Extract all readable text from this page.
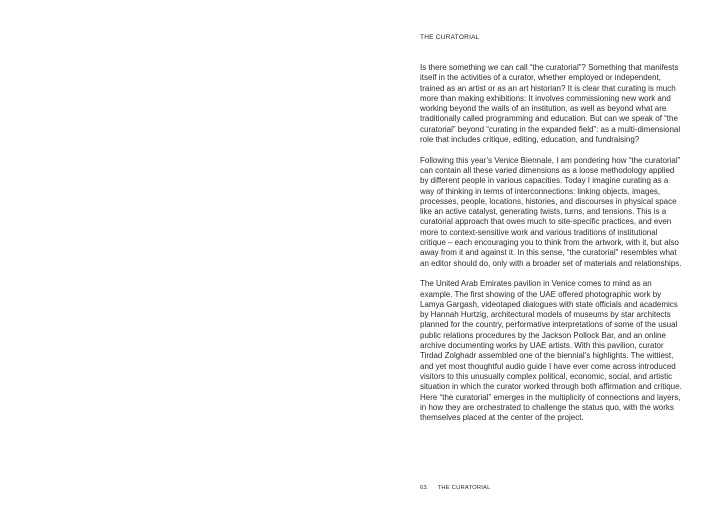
THE CURATORIAL

Is there something we can call “the curatorial”? Something that manifests itself in the activities of a curator, whether employed or independent, trained as an artist or as an art historian? It is clear that curating is much more than making exhibitions: It involves commissioning new work and working beyond the walls of an institution, as well as beyond what are traditionally called programming and education. But can we speak of “the curatorial” beyond “curating in the expanded field”: as a multi-dimensional role that includes critique, editing, education, and fundraising?

Following this year’s Venice Biennale, I am pondering how “the curatorial” can contain all these varied dimensions as a loose methodology applied by different people in various capacities. Today I imagine curating as a way of thinking in terms of interconnections: linking objects, images, processes, people, locations, histories, and discourses in physical space like an active catalyst, generating twists, turns, and tensions. This is a curatorial approach that owes much to site-specific practices, and even more to context-sensitive work and various traditions of institutional critique – each encouraging you to think from the artwork, with it, but also away from it and against it. In this sense, “the curatorial” resembles what an editor should do, only with a broader set of materials and relationships.

The United Arab Emirates pavilion in Venice comes to mind as an example. The first showing of the UAE offered photographic work by Lamya Gargash, videotaped dialogues with state officials and academics by Hannah Hurtzig, architectural models of museums by star architects planned for the country, performative interpretations of some of the usual public relations procedures by the Jackson Pollock Bar, and an online archive documenting works by UAE artists. With this pavilion, curator Tirdad Zolghadr assembled one of the biennial’s highlights. The wittiest, and yet most thoughtful audio guide I have ever come across introduced visitors to this unusually complex political, economic, social, and artistic situation in which the curator worked through both affirmation and critique. Here “the curatorial” emerges in the multiplicity of connections and layers, in how they are orchestrated to challenge the status quo, with the works themselves placed at the center of the project.

63. THE CURATORIAL
